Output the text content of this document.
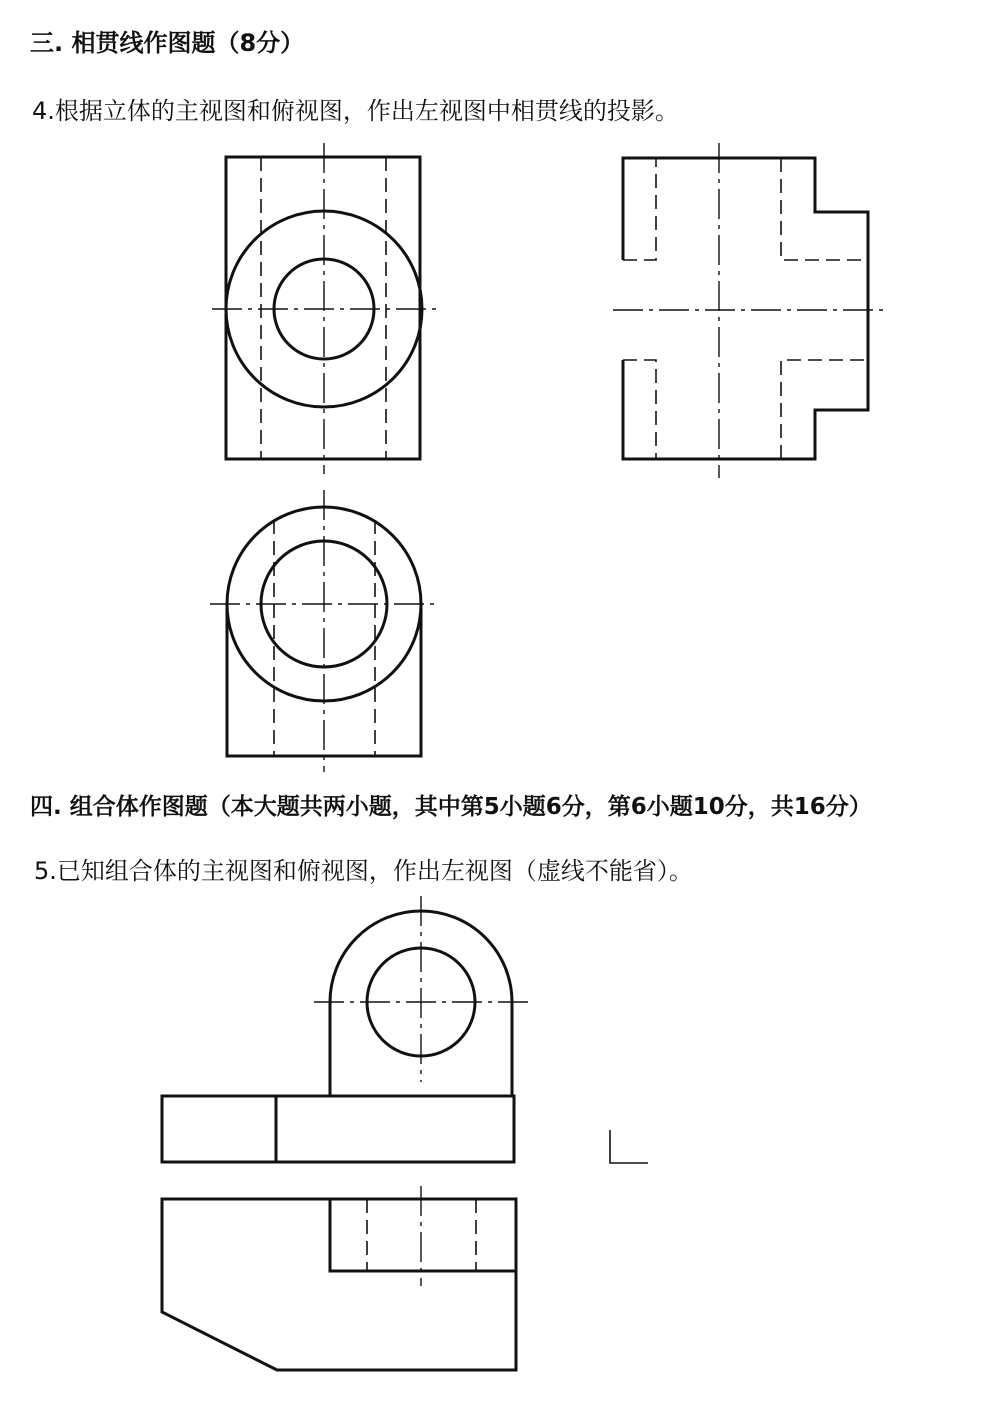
三. 相贯线作图题（8分）
4.根据立体的主视图和俯视图，作出左视图中相贯线的投影。
四. 组合体作图题（本大题共两小题，其中第5小题6分，第6小题10分，共16分）
5.已知组合体的主视图和俯视图，作出左视图（虚线不能省）。
